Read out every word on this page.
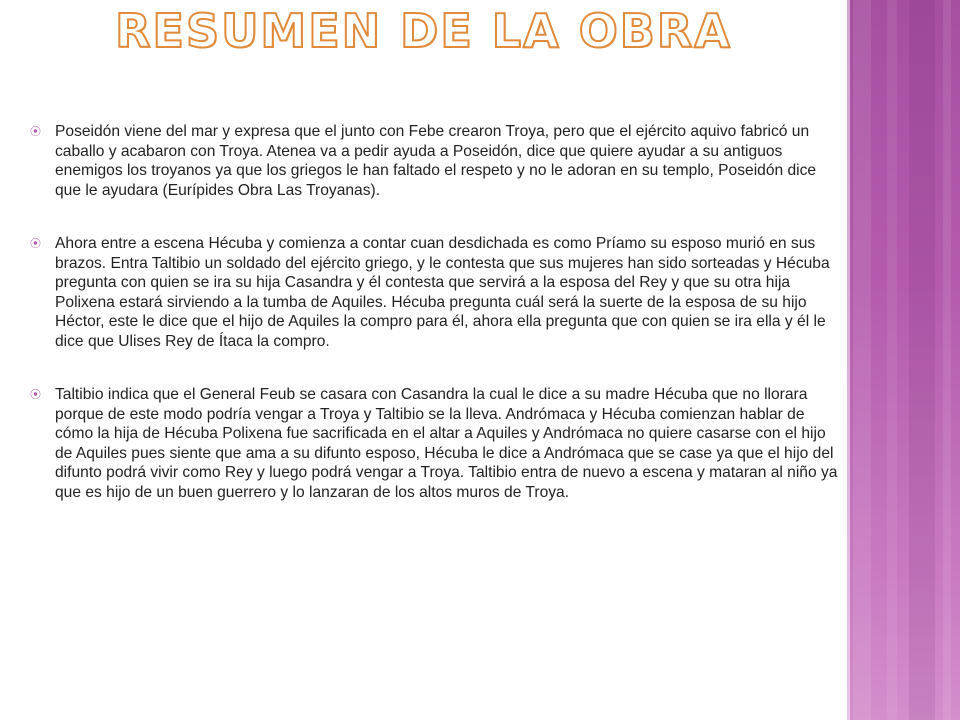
RESUMEN DE LA OBRA

⦿ Poseidón viene del mar y expresa que el junto con Febe crearon Troya, pero que el ejército aquivo fabricó un caballo y acabaron con Troya. Atenea va a pedir ayuda a Poseidón, dice que quiere ayudar a su antiguos enemigos los troyanos ya que los griegos le han faltado el respeto y no le adoran en su templo, Poseidón dice que le ayudara (Eurípides Obra Las Troyanas).

⦿ Ahora entre a escena Hécuba y comienza a contar cuan desdichada es como Príamo su esposo murió en sus brazos. Entra Taltibio un soldado del ejército griego, y le contesta que sus mujeres han sido sorteadas y Hécuba pregunta con quien se ira su hija Casandra y él contesta que servirá a la esposa del Rey y que su otra hija Polixena estará sirviendo a la tumba de Aquiles. Hécuba pregunta cuál será la suerte de la esposa de su hijo Héctor, este le dice que el hijo de Aquiles la compro para él, ahora ella pregunta que con quien se ira ella y él le dice que Ulises Rey de Ítaca la compro.

⦿ Taltibio indica que el General Feub se casara con Casandra la cual le dice a su madre Hécuba que no llorara porque de este modo podría vengar a Troya y Taltibio se la lleva. Andrómaca y Hécuba comienzan hablar de cómo la hija de Hécuba Polixena fue sacrificada en el altar a Aquiles y Andrómaca no quiere casarse con el hijo de Aquiles pues siente que ama a su difunto esposo, Hécuba le dice a Andrómaca que se case ya que el hijo del difunto podrá vivir como Rey y luego podrá vengar a Troya. Taltibio entra de nuevo a escena y mataran al niño ya que es hijo de un buen guerrero y lo lanzaran de los altos muros de Troya.
